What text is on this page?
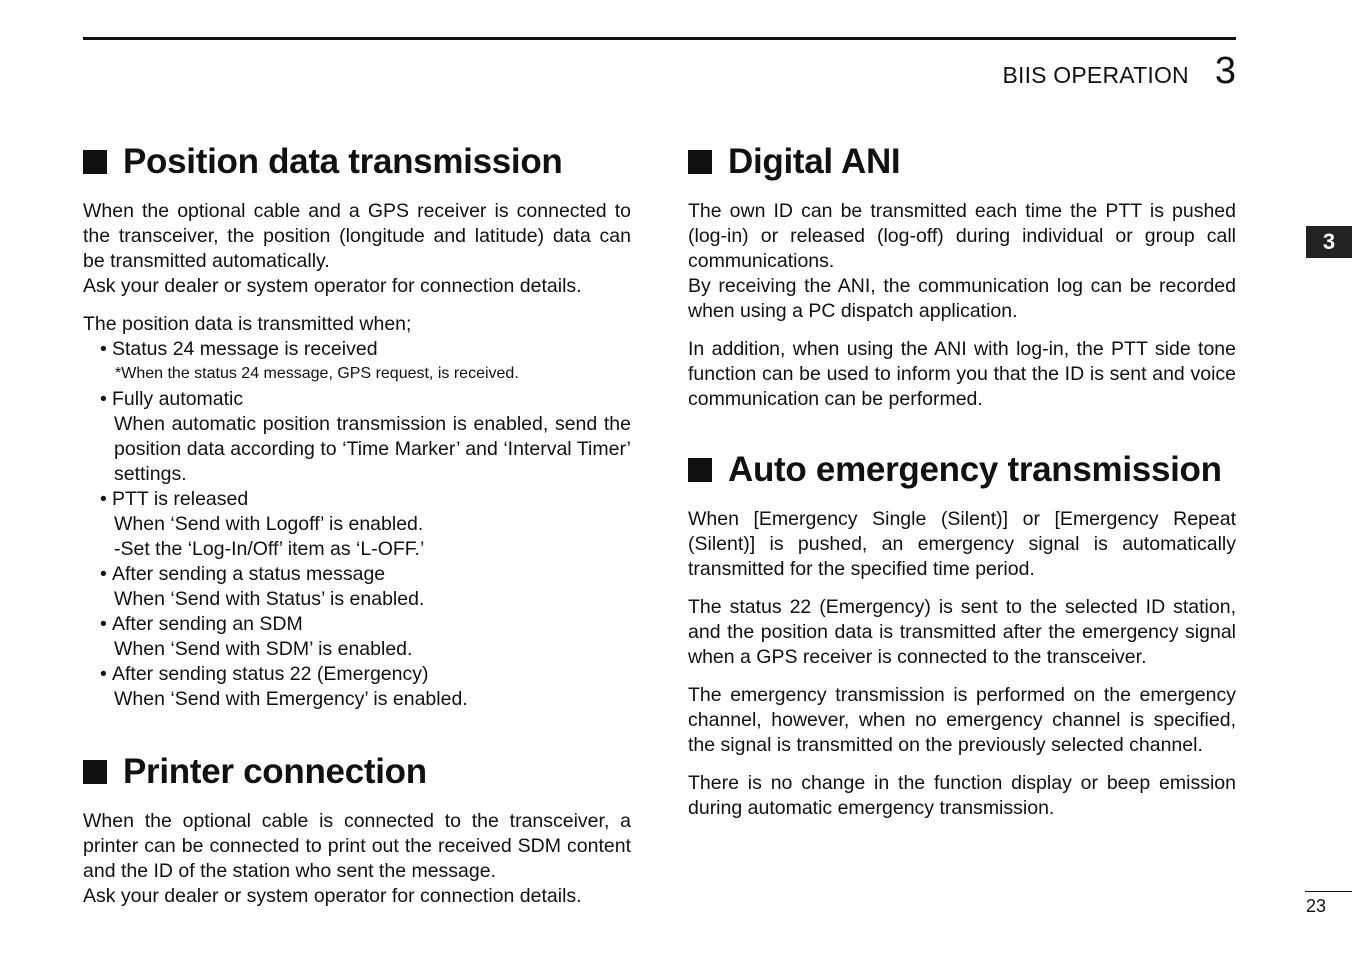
BIIS OPERATION 3
3
Position data transmission

When the optional cable and a GPS receiver is connected to the transceiver, the position (longitude and latitude) data can be transmitted automatically.

Ask your dealer or system operator for connection details.

The position data is transmitted when;

• Status 24 message is received
*When the status 24 message, GPS request, is received.
• Fully automatic
When automatic position transmission is enabled, send the position data according to ‘Time Marker’ and ‘Interval Timer’ settings.
• PTT is released
When ‘Send with Logoff’ is enabled.
-Set the ‘Log-In/Off’ item as ‘L-OFF.’
• After sending a status message
When ‘Send with Status’ is enabled.
• After sending an SDM
When ‘Send with SDM’ is enabled.
• After sending status 22 (Emergency)
When ‘Send with Emergency’ is enabled.
Printer connection

When the optional cable is connected to the transceiver, a printer can be connected to print out the received SDM content and the ID of the station who sent the message.

Ask your dealer or system operator for connection details.

Digital ANI

The own ID can be transmitted each time the PTT is pushed (log-in) or released (log-off) during individual or group call communications.

By receiving the ANI, the communication log can be recorded when using a PC dispatch application.

In addition, when using the ANI with log-in, the PTT side tone function can be used to inform you that the ID is sent and voice communication can be performed.

Auto emergency transmission

When [Emergency Single (Silent)] or [Emergency Repeat (Silent)] is pushed, an emergency signal is automatically transmitted for the specified time period.

The status 22 (Emergency) is sent to the selected ID station, and the position data is transmitted after the emergency signal when a GPS receiver is connected to the transceiver.

The emergency transmission is performed on the emergency channel, however, when no emergency channel is specified, the signal is transmitted on the previously selected channel.

There is no change in the function display or beep emission during automatic emergency transmission.

23
